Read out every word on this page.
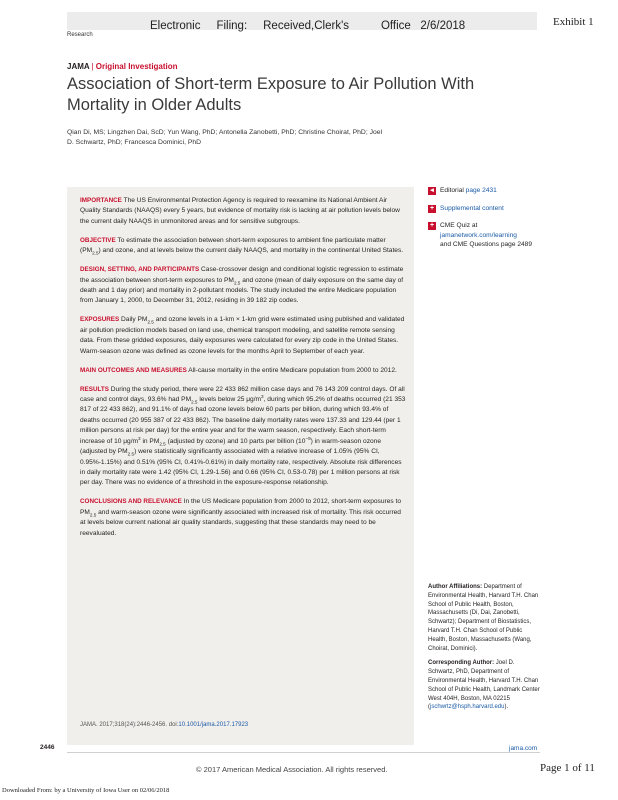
Electronic     Filing:     Received,Clerk's          Office   2/6/2018	Exhibit 1
Research
JAMA | Original Investigation
Association of Short-term Exposure to Air Pollution With Mortality in Older Adults
Qian Di, MS; Lingzhen Dai, ScD; Yun Wang, PhD; Antonella Zanobetti, PhD; Christine Choirat, PhD; Joel D. Schwartz, PhD; Francesca Dominici, PhD

IMPORTANCE The US Environmental Protection Agency is required to reexamine its National Ambient Air Quality Standards (NAAQS) every 5 years, but evidence of mortality risk is lacking at air pollution levels below the current daily NAAQS in unmonitored areas and for sensitive subgroups.

OBJECTIVE To estimate the association between short-term exposures to ambient fine particulate matter $(PM_{2.5})$ and ozone, and at levels below the current daily NAAQS, and mortality in the continental United States.

DESIGN, SETTING, AND PARTICIPANTS Case-crossover design and conditional logistic regression to estimate the association between short-term exposures to $PM_{2.5}$ and ozone (mean of daily exposure on the same day of death and 1 day prior) and mortality in 2-pollutant models. The study included the entire Medicare population from January 1, 2000, to December 31, 2012, residing in 39 182 zip codes.

EXPOSURES Daily $PM_{2.5}$ and ozone levels in a 1-km × 1-km grid were estimated using published and validated air pollution prediction models based on land use, chemical transport modeling, and satellite remote sensing data. From these gridded exposures, daily exposures were calculated for every zip code in the United States. Warm-season ozone was defined as ozone levels for the months April to September of each year.

MAIN OUTCOMES AND MEASURES All-cause mortality in the entire Medicare population from 2000 to 2012.

RESULTS During the study period, there were 22 433 862 million case days and 76 143 209 control days. Of all case and control days, 93.6% had $PM_{2.5}$ levels below 25 $\mu g/m^3$, during which 95.2% of deaths occurred (21 353 817 of 22 433 862), and 91.1% of days had ozone levels below 60 parts per billion, during which 93.4% of deaths occurred (20 955 387 of 22 433 862). The baseline daily mortality rates were 137.33 and 129.44 (per 1 million persons at risk per day) for the entire year and for the warm season, respectively. Each short-term increase of 10 $\mu g/m^3$ in $PM_{2.5}$ (adjusted by ozone) and 10 parts per billion $(10^{-9})$ in warm-season ozone (adjusted by $PM_{2.5}$) were statistically significantly associated with a relative increase of 1.05% (95% CI, 0.95%-1.15%) and 0.51% (95% CI, 0.41%-0.61%) in daily mortality rate, respectively. Absolute risk differences in daily mortality rate were 1.42 (95% CI, 1.29-1.56) and 0.66 (95% CI, 0.53-0.78) per 1 million persons at risk per day. There was no evidence of a threshold in the exposure-response relationship.

CONCLUSIONS AND RELEVANCE In the US Medicare population from 2000 to 2012, short-term exposures to $PM_{2.5}$ and warm-season ozone were significantly associated with increased risk of mortality. This risk occurred at levels below current national air quality standards, suggesting that these standards may need to be reevaluated.

JAMA. 2017;318(24):2446-2456. doi:10.1001/jama.2017.17923
◂ Editorial page 2431
+ Supplemental content
+ CME Quiz at
jamanetwork.com/learning
and CME Questions page 2489
Author Affiliations: Department of Environmental Health, Harvard T.H. Chan School of Public Health, Boston, Massachusetts (Di, Dai, Zanobetti, Schwartz); Department of Biostatistics, Harvard T.H. Chan School of Public Health, Boston, Massachusetts (Wang, Choirat, Dominici).
Corresponding Author: Joel D. Schwartz, PhD, Department of Environmental Health, Harvard T.H. Chan School of Public Health, Landmark Center West 404H, Boston, MA 02215 (jschwrtz@hsph.harvard.edu).
2446	jama.com
© 2017 American Medical Association. All rights reserved.	Page 1 of 11
Downloaded From: by a University of Iowa User on 02/06/2018
